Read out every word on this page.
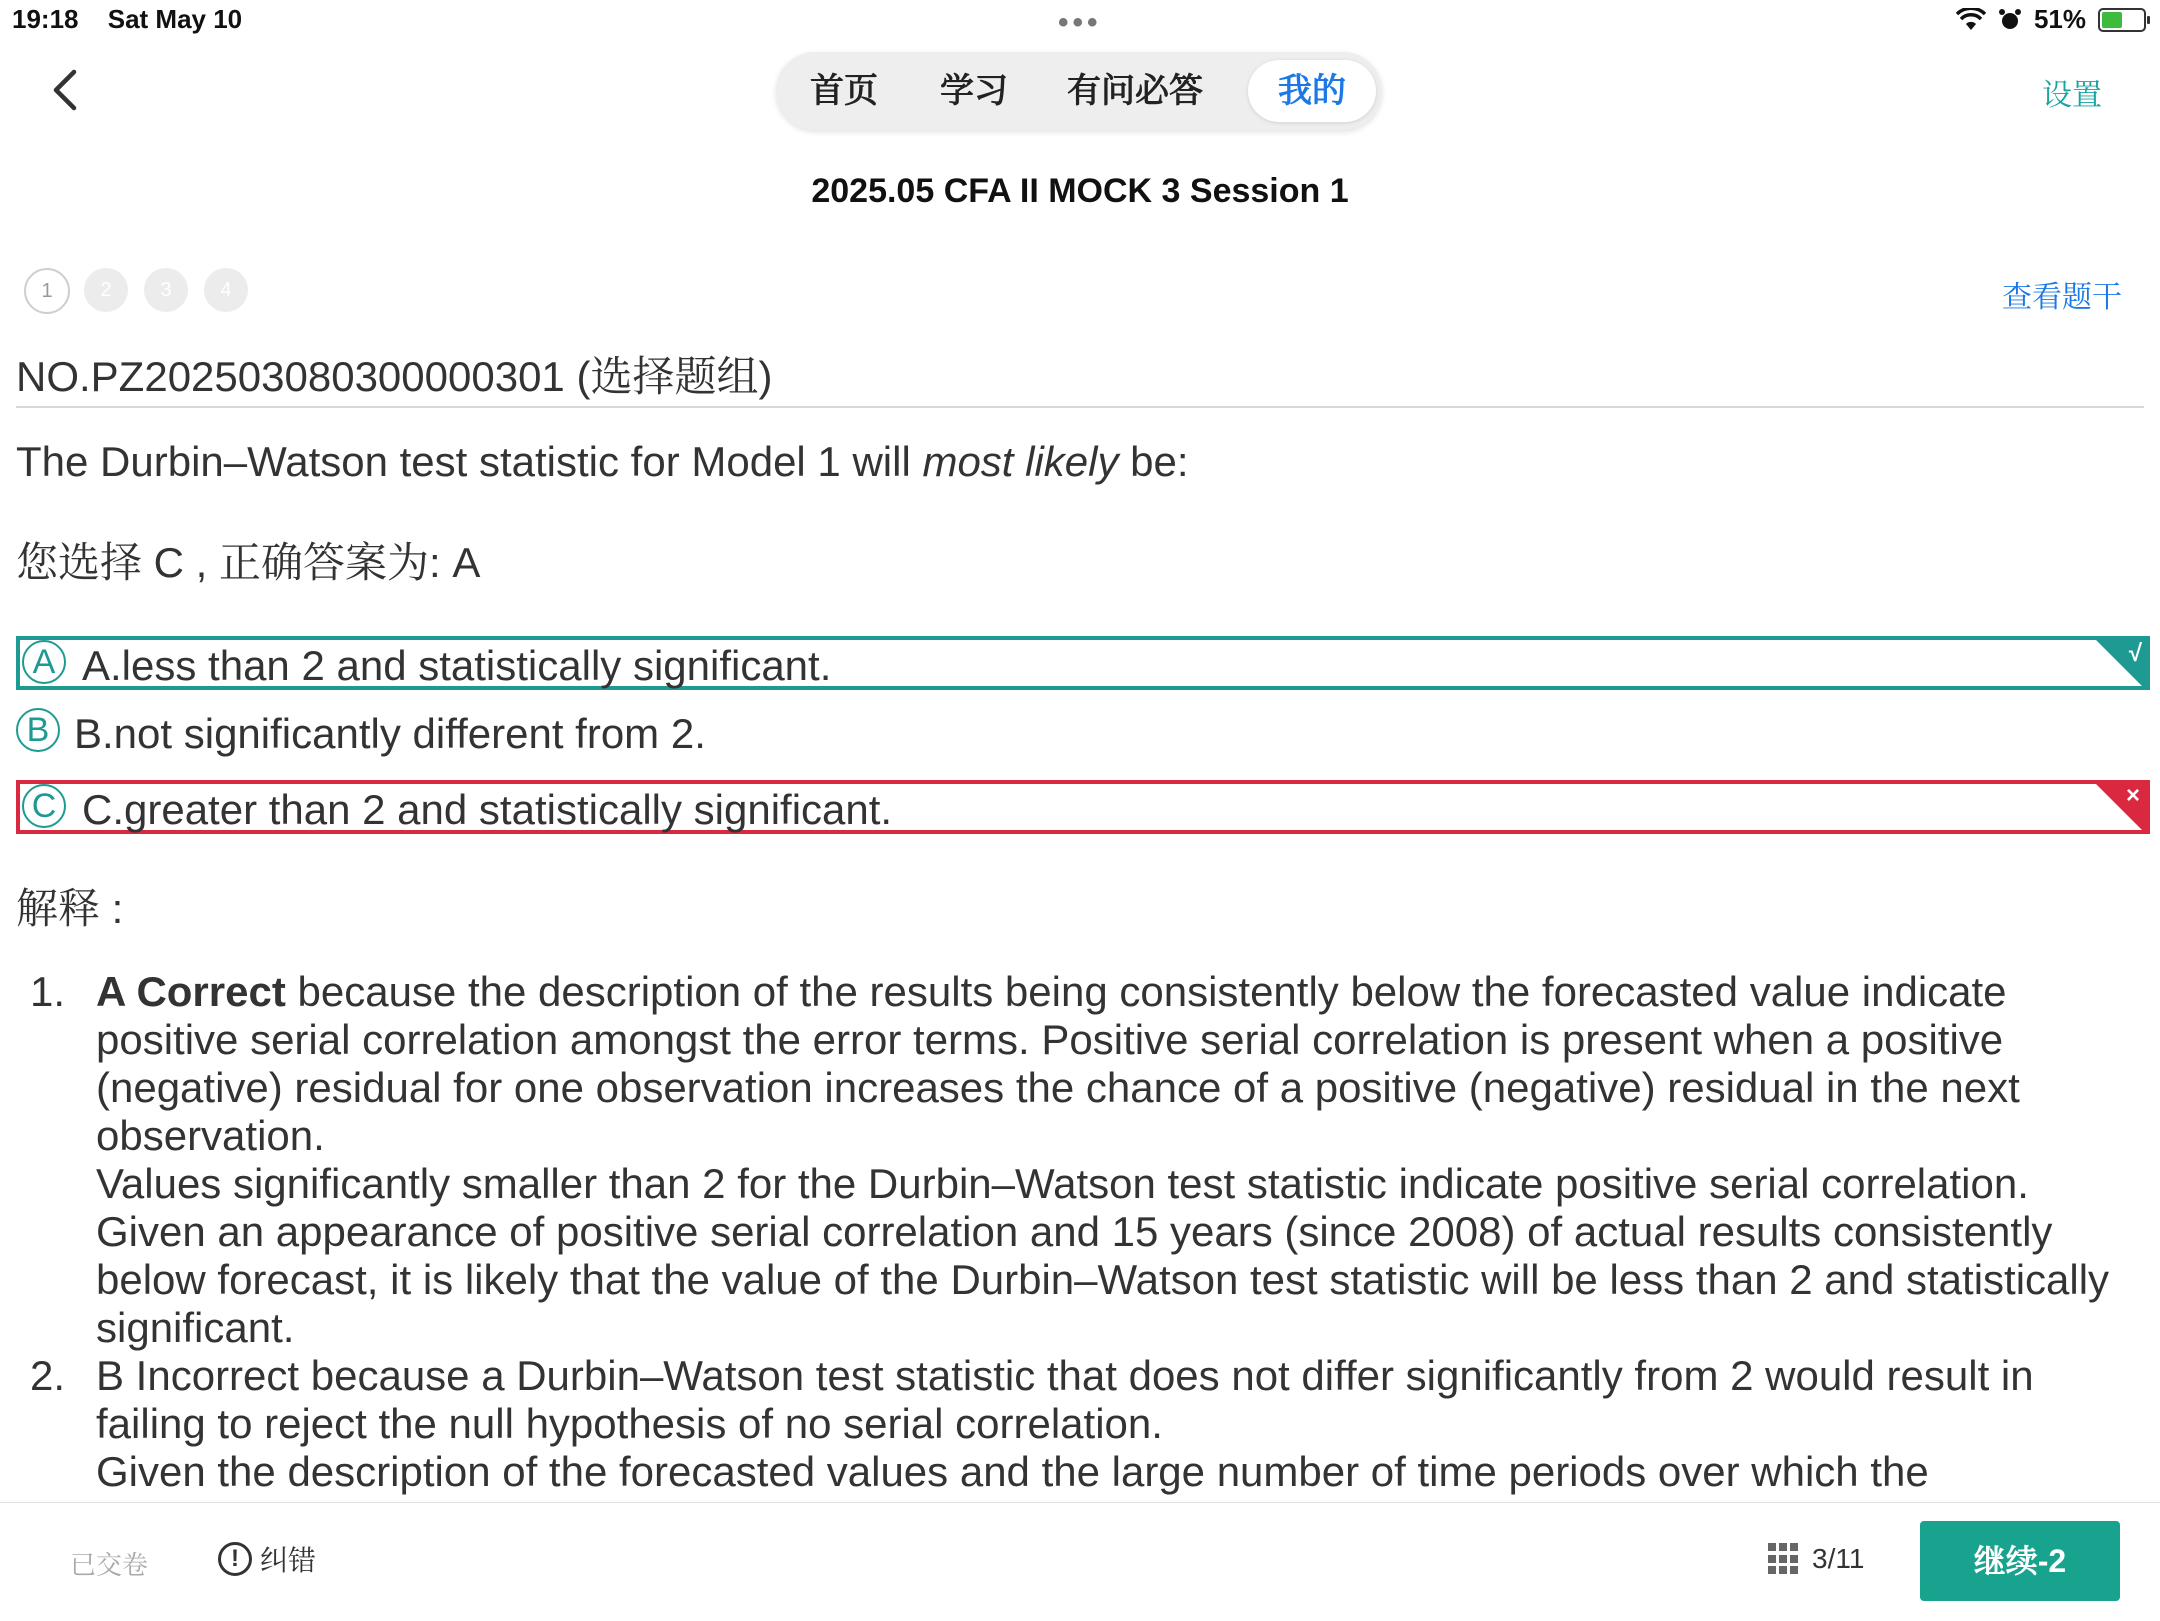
19:18 Sat May 10	•••	51%
首页	学习	有问必答	我的	设置
2025.05 CFA II MOCK 3 Session 1
1	2	3	4	查看题干
NO.PZ2025030803000003​01 (选择题组)
The Durbin–Watson test statistic for Model 1 will most likely be:
您选择 C , 正确答案为: A
A A.less than 2 and statistically significant.	√
B B.not significantly different from 2.
C C.greater than 2 and statistically significant.	×
解释 :

1. A Correct because the description of the results being consistently below the forecasted value indicate positive serial correlation amongst the error terms. Positive serial correlation is present when a positive (negative) residual for one observation increases the chance of a positive (negative) residual in the next observation.
Values significantly smaller than 2 for the Durbin–Watson test statistic indicate positive serial correlation. Given an appearance of positive serial correlation and 15 years (since 2008) of actual results consistently below forecast, it is likely that the value of the Durbin–Watson test statistic will be less than 2 and statistically significant.

2. B Incorrect because a Durbin–Watson test statistic that does not differ significantly from 2 would result in failing to reject the null hypothesis of no serial correlation.
Given the description of the forecasted values and the large number of time periods over which the

已交卷	! 纠错	3/11	继续-2
